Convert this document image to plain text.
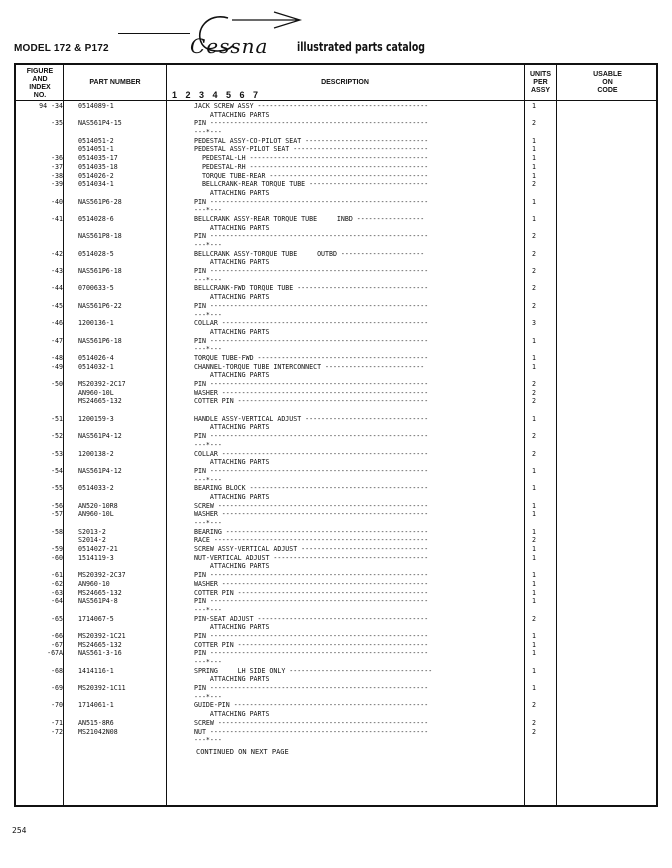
MODEL 172 & P172	Cessna illustrated parts catalog
FIGURE
AND
INDEX
NO.
PART NUMBER	DESCRIPTION
1 2 3 4 5 6 7
UNITS
PER
ASSY
USABLE
ON
CODE
94 -34 0514089-1	JACK SCREW ASSY -------------------------------------------	1
ATTACHING PARTS
-35 NAS561P4-15	PIN -------------------------------------------------------	2
---*---
0514051-2	PEDESTAL ASSY-CO-PILOT SEAT -------------------------------	1
0514051-1	PEDESTAL ASSY-PILOT SEAT ----------------------------------	1
-36 0514035-17	PEDESTAL-LH ---------------------------------------------	1
-37 0514035-18	PEDESTAL-RH ---------------------------------------------	1
-38 0514026-2	TORQUE TUBE-REAR ----------------------------------------	1
-39 0514034-1	BELLCRANK-REAR TORQUE TUBE ------------------------------	2
ATTACHING PARTS
-40 NAS561P6-28	PIN -------------------------------------------------------	1
---*---
-41 0514028-6	BELLCRANK ASSY-REAR TORQUE TUBE     INBD -----------------	1
ATTACHING PARTS
NAS561P8-18	PIN -------------------------------------------------------	2
---*---
-42 0514028-5	BELLCRANK ASSY-TORQUE TUBE     OUTBD ---------------------	2
ATTACHING PARTS
-43 NAS561P6-18	PIN -------------------------------------------------------	2
---*---
-44 0700633-5	BELLCRANK-FWD TORQUE TUBE ---------------------------------	2
ATTACHING PARTS
-45 NAS561P6-22	PIN -------------------------------------------------------	2
---*---
-46 1200136-1	COLLAR ----------------------------------------------------	3
ATTACHING PARTS
-47 NAS561P6-18	PIN -------------------------------------------------------	1
---*---
-48 0514026-4	TORQUE TUBE-FWD -------------------------------------------	1
-49 0514032-1	CHANNEL-TORQUE TUBE INTERCONNECT -------------------------	1
ATTACHING PARTS
-50 MS20392-2C17	PIN -------------------------------------------------------	2
AN960-10L	WASHER ----------------------------------------------------	2
MS24665-132	COTTER PIN ------------------------------------------------	2
-51 1200159-3	HANDLE ASSY-VERTICAL ADJUST -------------------------------	1
ATTACHING PARTS
-52 NAS561P4-12	PIN -------------------------------------------------------	2
---*---
-53 1200138-2	COLLAR ----------------------------------------------------	2
ATTACHING PARTS
-54 NAS561P4-12	PIN -------------------------------------------------------	1
---*---
-55 0514033-2	BEARING BLOCK ---------------------------------------------	1
ATTACHING PARTS
-56 AN520-10R8	SCREW -----------------------------------------------------	1
-57 AN960-10L	WASHER ----------------------------------------------------	1
---*---
-58 S2013-2	BEARING ---------------------------------------------------	1
S2014-2	RACE ------------------------------------------------------	2
-59 0514027-21	SCREW ASSY-VERTICAL ADJUST --------------------------------	1
-60 1514119-3	NUT-VERTICAL ADJUST ---------------------------------------	1
ATTACHING PARTS
-61 MS20392-2C37	PIN -------------------------------------------------------	1
-62 AN960-10	WASHER ----------------------------------------------------	1
-63 MS24665-132	COTTER PIN ------------------------------------------------	1
-64 NAS561P4-8	PIN -------------------------------------------------------	1
---*---
-65 1714067-5	PIN-SEAT ADJUST -------------------------------------------	2
ATTACHING PARTS
-66 MS20392-1C21	PIN -------------------------------------------------------	1
-67 MS24665-132	COTTER PIN ------------------------------------------------	1
-67A NAS561-3-16	PIN -------------------------------------------------------	1
---*---
-68 1414116-1	SPRING     LH SIDE ONLY ------------------------------------	1
ATTACHING PARTS
-69 MS20392-1C11	PIN -------------------------------------------------------	1
---*---
-70 1714061-1	GUIDE-PIN -------------------------------------------------	2
ATTACHING PARTS
-71 AN515-8R6	SCREW -----------------------------------------------------	2
-72 MS21042N08	NUT -------------------------------------------------------	2
---*---
CONTINUED ON NEXT PAGE
254
